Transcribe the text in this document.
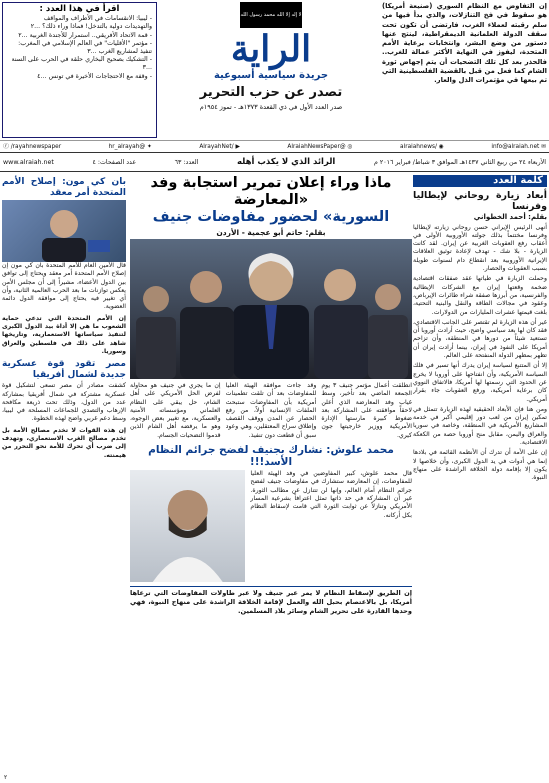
إن التفاوض مع النظام السوري (صنيعة أمريكا) هو سقوط في فخ التنازلات، والذي بدأ فيها من سلم رقبته لعملاء الغرب، فارتضى أن تكون تحت سقف الدولة العلمانية الديمقراطية، لينتج عنها دستور من وضع البشر، وانتخابات برعاية الأمم المتحدة، ليفوز في النهاية الأكثر عمالة للغرب.. فالحذر بعد كل تلك التضحيات أن يتم إجهاض ثورة الشام كما فعل من قبل بالقضية الفلسطينية التي تم بيعها في مؤتمرات الذل والعار.
لا إله إلا الله محمد رسول الله
الراية
جريدة سياسية أسبوعية
تصدر عن حزب التحرير
صدر العدد الأول في ذي القعدة ١٣٧٣هـ - تموز ١٩٥٤م
اقرأ في هذا العدد :

- ليبيا: الانقسامات في الأطراف والمواقف

والتهديدات دولية بالتدخل! فماذا وراء ذلك؟ ...٢

- قمة الاتحاد الأفريقي.. استمرار للأجندة الغربية ...٢

- مؤتمر "الأقليات" في العالم الإسلامي في المغرب:

تنفيذ لمشاريع الغرب ...٣

- التشكيك بصحيح البخاري حلقة في الحرب على السنة ...٣

- وقفة مع الاحتجاجات الأخيرة في تونس ...٤

✉ info@alraiah.net
◉ /alraiahnews
◎ @AlraiahNewsPaper
▶ /AlrayahNet
✦ @hr_alrayah
ⓕ /rayahnewspaper
الأربعاء ٢٤ من ربيع الثاني ١٤٣٧هـ الموافق ٣ شباط/ فبراير ٢٠١٦ م
الرائد الذي لا يكذب أهله
العدد: ٦٣
عدد الصفحات: ٤
www.alraiah.net
كلمة العدد
أبعاد زيارة روحاني لإيطاليا وفرنسا
بقلم: أحمد الخطواني

أنهى الرئيس الإيراني حسن روحاني زيارته لإيطاليا وفرنسا مختتماً بذلك جولته الأوروبية الأولى في أعقاب رفع العقوبات الغربية عن إيران. لقد كانت الزيارة - بلا شك - تهدف لإعادة توثيق العلاقات الإيرانية الأوروبية بعد انقطاع دام لسنوات طويلة بسبب العقوبات والحصار.

وحملت الزيارة في طياتها عقد صفقات اقتصادية ضخمة وقعتها إيران مع الشركات الإيطالية والفرنسية، من أبرزها صفقة شراء طائرات الإيرباص، وعقود في مجالات الطاقة والنقل والبنية التحتية، بلغت قيمتها عشرات المليارات من الدولارات.

غير أن هذه الزيارة لم تقتصر على الجانب الاقتصادي، فقد كان لها بعد سياسي واضح، حيث أرادت أوروبا أن تستعيد شيئاً من دورها في المنطقة، وأن تزاحم أمريكا على النفوذ في إيران، بينما أرادت إيران أن تظهر بمظهر الدولة المنفتحة على العالم.

إلا أن المتتبع لسياسة إيران يدرك أنها تسير في فلك السياسة الأمريكية، وأن انفتاحها على أوروبا لا يخرج عن الحدود التي رسمتها لها أمريكا، فالاتفاق النووي كان برعاية أمريكية، ورفع العقوبات جاء بقرار أمريكي.

ومن هنا فإن الأبعاد الحقيقية لهذه الزيارة تتمثل في تمكين إيران من لعب دور إقليمي أكبر في خدمة المشاريع الأمريكية في المنطقة، وخاصة في سوريا والعراق واليمن، مقابل منح أوروبا حصة من الكعكة الاقتصادية.

إن على الأمة أن تدرك أن الأنظمة القائمة في بلادها إنما هي أدوات في يد الدول الكبرى، وأن خلاصها لا يكون إلا بإقامة دولة الخلافة الراشدة على منهاج النبوة.

ماذا وراء إعلان تمرير استجابة وفد «المعارضة
السورية» لحضور مفاوضات جنيف
بقلم: حاتم أبو عجمية - الأردن
انطلقت أعمال مؤتمر جنيف ٣ يوم الجمعة الماضي بعد تأخير، وسط غياب وفد المعارضة الذي أعلن لاحقاً موافقته على المشاركة بعد ضغوط كبيرة مارستها الإدارة الأمريكية ووزير خارجيتها جون كيري.
وقد جاءت موافقة الهيئة العليا للمفاوضات بعد أن تلقت تطمينات أمريكية بأن المفاوضات ستبحث الملفات الإنسانية أولاً، من رفع الحصار عن المدن ووقف القصف وإطلاق سراح المعتقلين، وهي وعود سبق أن قطعت دون تنفيذ.
إن ما يجري في جنيف هو محاولة لفرض الحل الأمريكي على أهل الشام، حل يبقي على النظام العلماني ومؤسساته الأمنية والعسكرية، مع تغيير بعض الوجوه، وهو ما يرفضه أهل الشام الذين قدموا التضحيات الجسام.
محمد علوش: نشارك بجنيف لفضح جرائم النظام الأسد!!!
قال محمد علوش، كبير المفاوضين في وفد الهيئة العليا للمفاوضات، إن المعارضة ستشارك في مفاوضات جنيف لفضح جرائم النظام أمام العالم، وإنها لن تتنازل عن مطالب الثورة. غير أن المشاركة في حد ذاتها تمثل اعترافاً بشرعية المسار الأمريكي وتنازلاً عن ثوابت الثورة التي قامت لإسقاط النظام بكل أركانه.
إن الطريق لإسقاط النظام لا يمر عبر جنيف ولا عبر طاولات المفاوضات التي ترعاها أمريكا، بل بالاعتصام بحبل الله والعمل لإقامة الخلافة الراشدة على منهاج النبوة، فهي وحدها القادرة على تحرير الشام وسائر بلاد المسلمين.
بان كي مون: إصلاح الأمم المتحدة أمر معقد

قال الأمين العام للأمم المتحدة بان كي مون إن إصلاح الأمم المتحدة أمر معقد ويحتاج إلى توافق بين الدول الأعضاء، مشيراً إلى أن مجلس الأمن يعكس توازنات ما بعد الحرب العالمية الثانية، وأن أي تغيير فيه يحتاج إلى موافقة الدول دائمة العضوية.

إن الأمم المتحدة التي تدعي حماية الشعوب ما هي إلا أداة بيد الدول الكبرى لتنفيذ سياساتها الاستعمارية، وتاريخها شاهد على ذلك في فلسطين والعراق وسوريا.

مصر تقود قوة عسكرية جديدة لشمال أفريقيا

كشفت مصادر أن مصر تسعى لتشكيل قوة عسكرية مشتركة في شمال أفريقيا بمشاركة عدد من الدول، وذلك تحت ذريعة مكافحة الإرهاب والتصدي للجماعات المسلحة في ليبيا، وسط دعم غربي واضح لهذه الخطوة.

إن هذه القوات لا تخدم مصالح الأمة بل تخدم مصالح الغرب الاستعماري، وتهدف إلى ضرب أي تحرك للأمة نحو التحرر من هيمنته.

٢
